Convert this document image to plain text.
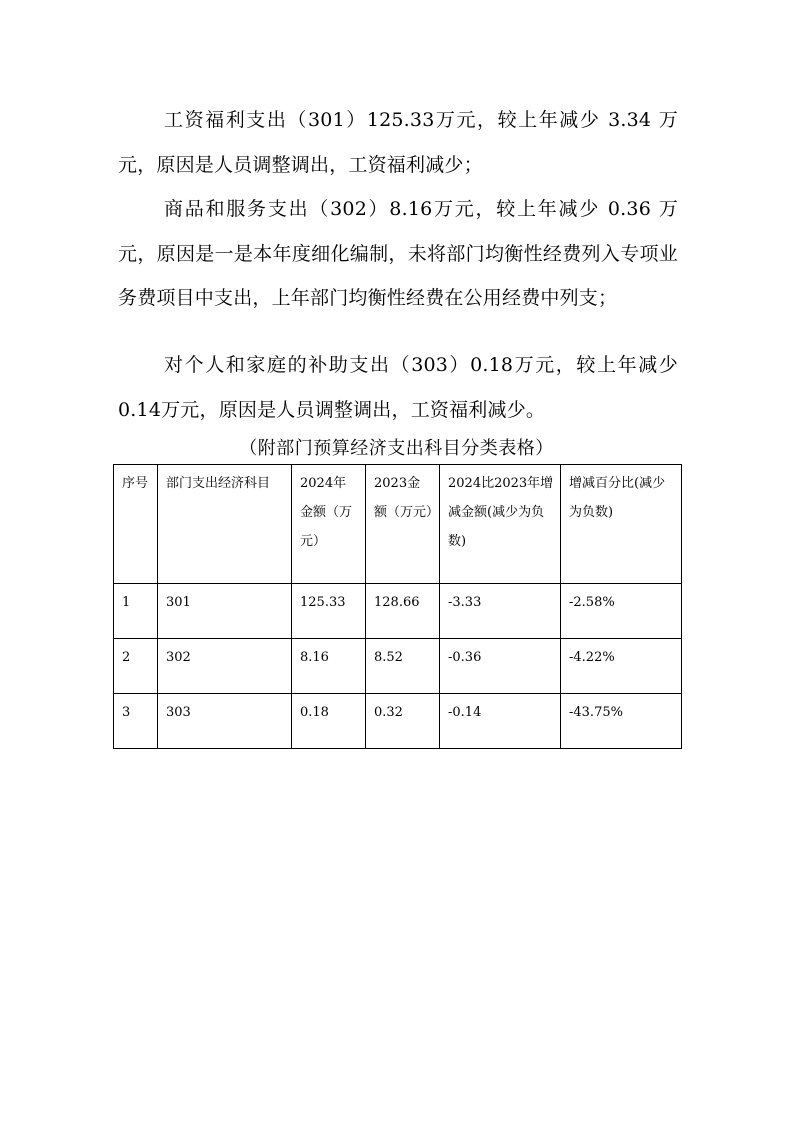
工资福利支出（301）125.33万元，较上年减少 3.34 万元，原因是人员调整调出，工资福利减少；

商品和服务支出（302）8.16万元，较上年减少 0.36 万元，原因是一是本年度细化编制，未将部门均衡性经费列入专项业务费项目中支出，上年部门均衡性经费在公用经费中列支；

对个人和家庭的补助支出（303）0.18万元，较上年减少 0.14万元，原因是人员调整调出，工资福利减少。

（附部门预算经济支出科目分类表格）
序号	部门支出经济科目	2024年金额（万元）	2023金额（万元）	2024比2023年增减金额(减少为负数)	增减百分比(减少为负数)
1	301	125.33	128.66	-3.33	-2.58%
2	302	8.16	8.52	-0.36	-4.22%
3	303	0.18	0.32	-0.14	-43.75%
